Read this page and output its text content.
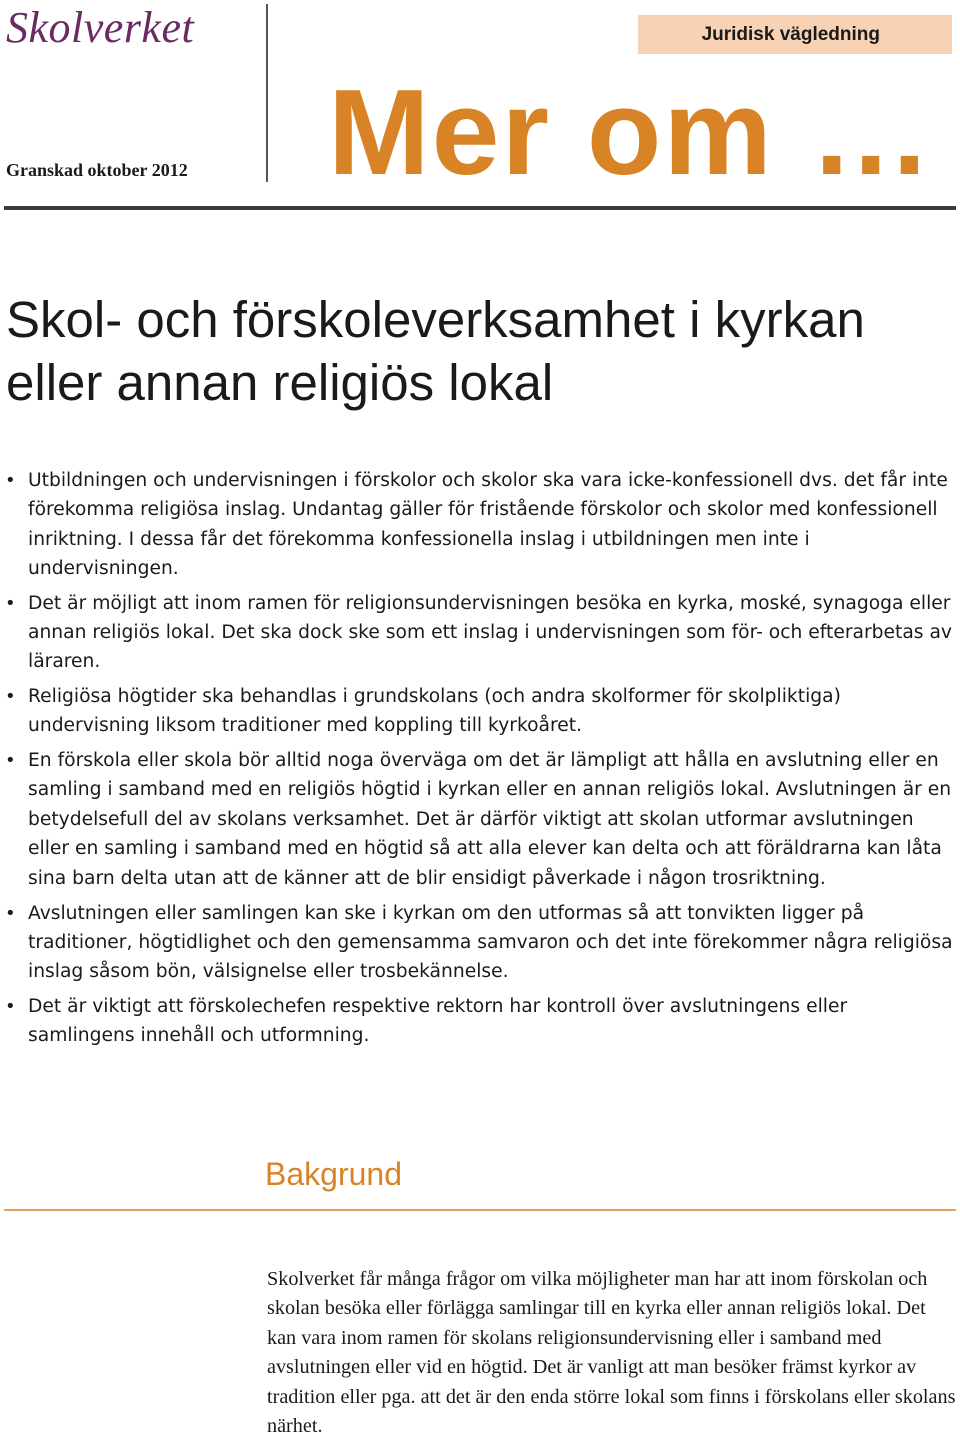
Skolverket
Granskad oktober 2012
Juridisk vägledning
Mer om …
Skol- och förskoleverksamhet i kyrkan eller annan religiös lokal
• Utbildningen och undervisningen i förskolor och skolor ska vara icke-konfessionell dvs. det får inte förekomma religiösa inslag. Undantag gäller för fristående förskolor och skolor med konfessionell inriktning. I dessa får det förekomma konfessionella inslag i utbildningen men inte i undervisningen.
• Det är möjligt att inom ramen för religionsundervisningen besöka en kyrka, moské, synagoga eller annan religiös lokal. Det ska dock ske som ett inslag i undervisningen som för- och efterarbetas av läraren.
• Religiösa högtider ska behandlas i grundskolans (och andra skolformer för skolpliktiga) undervisning liksom traditioner med koppling till kyrkoåret.
• En förskola eller skola bör alltid noga överväga om det är lämpligt att hålla en avslutning eller en samling i samband med en religiös högtid i kyrkan eller en annan religiös lokal. Avslutningen är en betydelsefull del av skolans verksamhet. Det är därför viktigt att skolan utformar avslutningen eller en samling i samband med en högtid så att alla elever kan delta och att föräldrarna kan låta sina barn delta utan att de känner att de blir ensidigt påverkade i någon trosriktning.
• Avslutningen eller samlingen kan ske i kyrkan om den utformas så att tonvikten ligger på traditioner, högtidlighet och den gemensamma samvaron och det inte förekommer några religiösa inslag såsom bön, välsignelse eller trosbekännelse.
• Det är viktigt att förskolechefen respektive rektorn har kontroll över avslutningens eller samlingens innehåll och utformning.
Bakgrund

Skolverket får många frågor om vilka möjligheter man har att inom förskolan och skolan besöka eller förlägga samlingar till en kyrka eller annan religiös lokal. Det kan vara inom ramen för skolans religionsundervisning eller i samband med avslutningen eller vid en högtid. Det är vanligt att man besöker främst kyrkor av tradition eller pga. att det är den enda större lokal som finns i förskolans eller skolans närhet.
